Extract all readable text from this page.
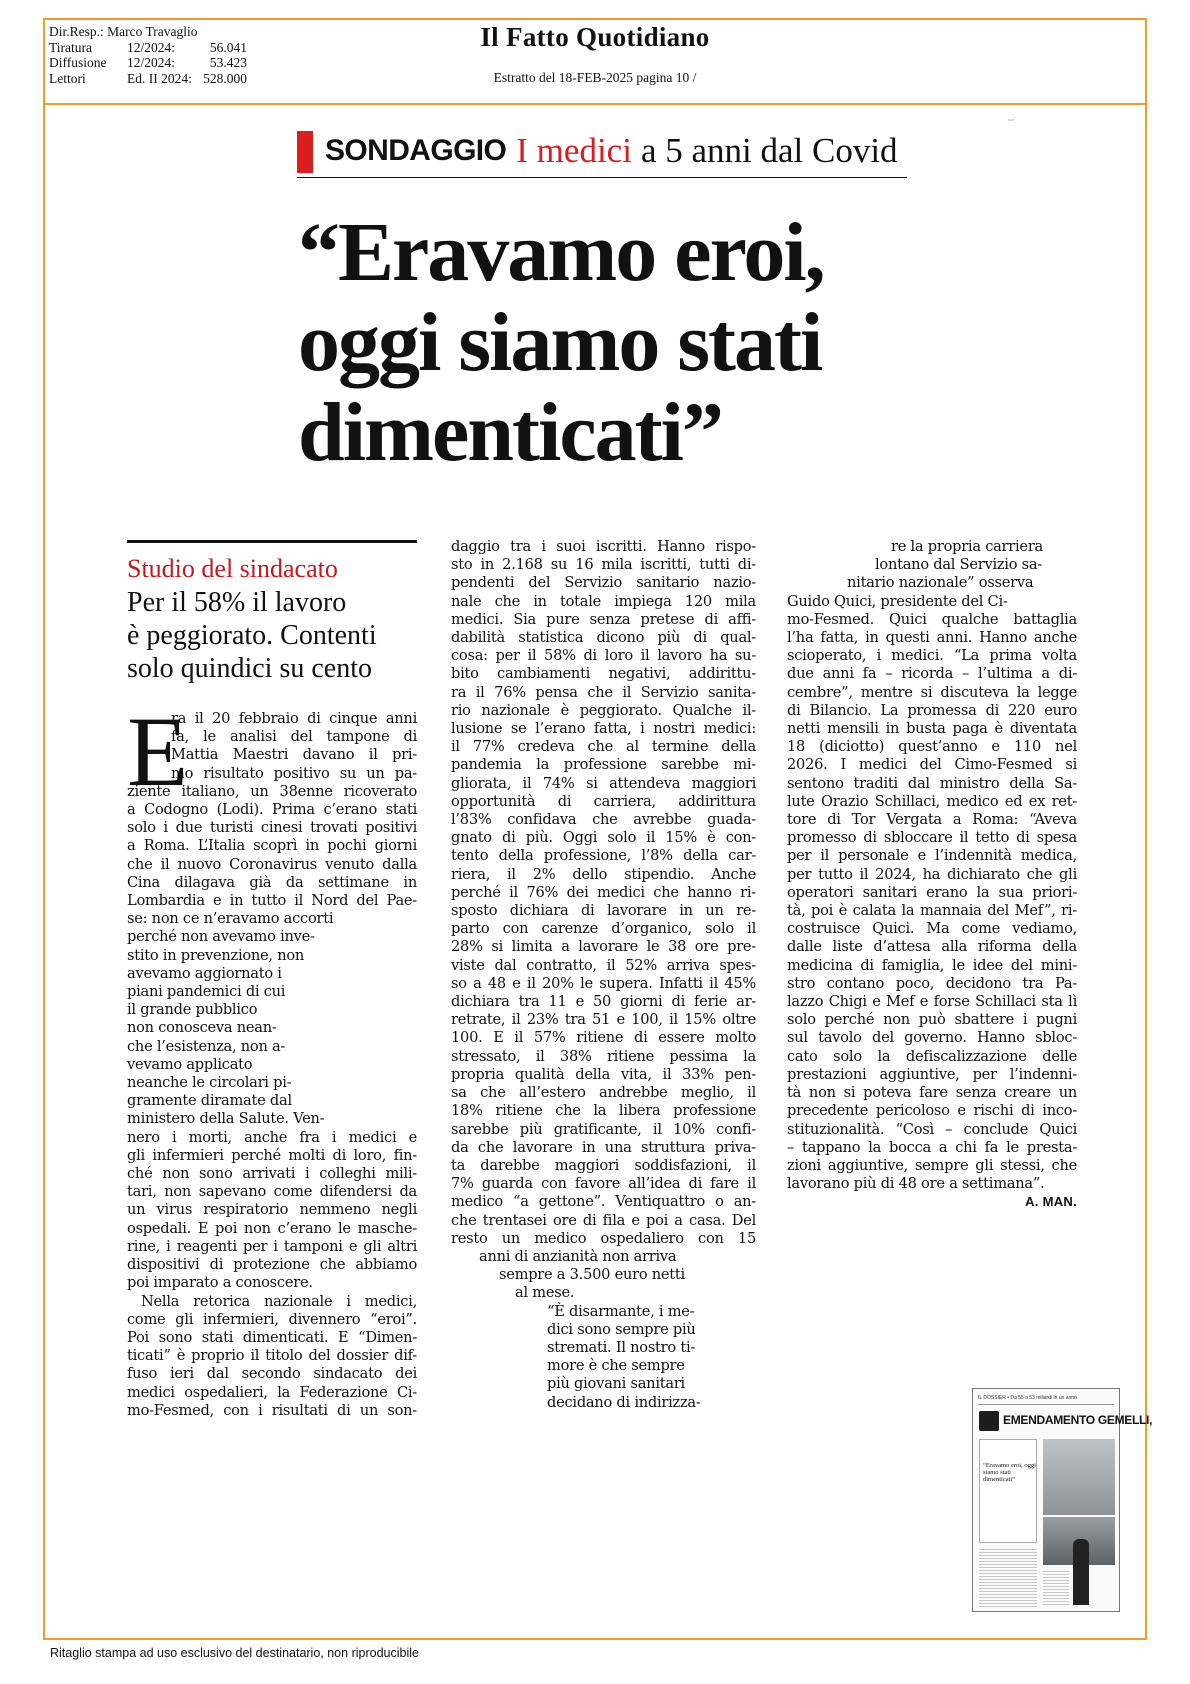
Dir.Resp.: Marco Travaglio
Tiratura	12/2024:	56.041
Diffusione	12/2024:	53.423
Lettori	Ed. II 2024: 528.000
Il Fatto Quotidiano
Estratto del 18-FEB-2025 pagina 10 /
19,8
SONDAGGIO I medici a 5 anni dal Covid
“Eravamo eroi,
oggi siamo stati
dimenticati”
Studio del sindacato
Per il 58% il lavoro
è peggiorato. Contenti
solo quindici su cento
E
ra il 20 febbraio di cinque anni
fa, le analisi del tampone di
Mattia Maestri davano il pri-
mo risultato positivo su un pa-
ziente italiano, un 38enne ricoverato
a Codogno (Lodi). Prima c’erano stati
solo i due turisti cinesi trovati positivi
a Roma. L’Italia scoprì in pochi giorni
che il nuovo Coronavirus venuto dalla
Cina dilagava già da settimane in
Lombardia e in tutto il Nord del Pae-
se: non ce n’eravamo accorti
perché non avevamo inve-
stito in prevenzione, non
avevamo aggiornato i
piani pandemici di cui
il grande pubblico
non conosceva nean-
che l’esistenza, non a-
vevamo applicato
neanche le circolari pi-
gramente diramate dal
ministero della Salute. Ven-
nero i morti, anche fra i medici e
gli infermieri perché molti di loro, fin-
ché non sono arrivati i colleghi mili-
tari, non sapevano come difendersi da
un virus respiratorio nemmeno negli
ospedali. E poi non c’erano le masche-
rine, i reagenti per i tamponi e gli altri
dispositivi di protezione che abbiamo
poi imparato a conoscere.
Nella retorica nazionale i medici,
come gli infermieri, divennero “eroi”.
Poi sono stati dimenticati. E “Dimen-
ticati” è proprio il titolo del dossier dif-
fuso ieri dal secondo sindacato dei
medici ospedalieri, la Federazione Ci-
mo-Fesmed, con i risultati di un son-
daggio tra i suoi iscritti. Hanno rispo-
sto in 2.168 su 16 mila iscritti, tutti di-
pendenti del Servizio sanitario nazio-
nale che in totale impiega 120 mila
medici. Sia pure senza pretese di affi-
dabilità statistica dicono più di qual-
cosa: per il 58% di loro il lavoro ha su-
bito cambiamenti negativi, addirittu-
ra il 76% pensa che il Servizio sanita-
rio nazionale è peggiorato. Qualche il-
lusione se l’erano fatta, i nostri medici:
il 77% credeva che al termine della
pandemia la professione sarebbe mi-
gliorata, il 74% si attendeva maggiori
opportunità di carriera, addirittura
l’83% confidava che avrebbe guada-
gnato di più. Oggi solo il 15% è con-
tento della professione, l’8% della car-
riera, il 2% dello stipendio. Anche
perché il 76% dei medici che hanno ri-
sposto dichiara di lavorare in un re-
parto con carenze d’organico, solo il
28% si limita a lavorare le 38 ore pre-
viste dal contratto, il 52% arriva spes-
so a 48 e il 20% le supera. Infatti il 45%
dichiara tra 11 e 50 giorni di ferie ar-
retrate, il 23% tra 51 e 100, il 15% oltre
100. E il 57% ritiene di essere molto
stressato, il 38% ritiene pessima la
propria qualità della vita, il 33% pen-
sa che all’estero andrebbe meglio, il
18% ritiene che la libera professione
sarebbe più gratificante, il 10% confi-
da che lavorare in una struttura priva-
ta darebbe maggiori soddisfazioni, il
7% guarda con favore all’idea di fare il
medico “a gettone”. Ventiquattro o an-
che trentasei ore di fila e poi a casa. Del
resto un medico ospedaliero con 15
anni di anzianità non arriva
sempre a 3.500 euro netti
al mese.
“È disarmante, i me-
dici sono sempre più
stremati. Il nostro ti-
more è che sempre
più giovani sanitari
decidano di indirizza-
re la propria carriera
lontano dal Servizio sa-
nitario nazionale” osserva
Guido Quici, presidente del Ci-
mo-Fesmed. Quici qualche battaglia
l’ha fatta, in questi anni. Hanno anche
scioperato, i medici. “La prima volta
due anni fa – ricorda – l’ultima a di-
cembre”, mentre si discuteva la legge
di Bilancio. La promessa di 220 euro
netti mensili in busta paga è diventata
18 (diciotto) quest’anno e 110 nel
2026. I medici del Cimo-Fesmed si
sentono traditi dal ministro della Sa-
lute Orazio Schillaci, medico ed ex ret-
tore di Tor Vergata a Roma: “Aveva
promesso di sbloccare il tetto di spesa
per il personale e l’indennità medica,
per tutto il 2024, ha dichiarato che gli
operatori sanitari erano la sua priori-
tà, poi è calata la mannaia del Mef”, ri-
costruisce Quici. Ma come vediamo,
dalle liste d’attesa alla riforma della
medicina di famiglia, le idee del mini-
stro contano poco, decidono tra Pa-
lazzo Chigi e Mef e forse Schillaci sta lì
solo perché non può sbattere i pugni
sul tavolo del governo. Hanno sbloc-
cato solo la defiscalizzazione delle
prestazioni aggiuntive, per l’indenni-
tà non si poteva fare senza creare un
precedente pericoloso e rischi di inco-
stituzionalità. “Così – conclude Quici
– tappano la bocca a chi fa le presta-
zioni aggiuntive, sempre gli stessi, che
lavorano più di 48 ore a settimana”.
A. MAN.
IL DOSSIER • Da 55 a 53 miliardi in un anno
EMENDAMENTO GEMELLI,
“Eravamo eroi, oggi siamo stati dimenticati”
Ritaglio stampa ad uso esclusivo del destinatario, non riproducibile
